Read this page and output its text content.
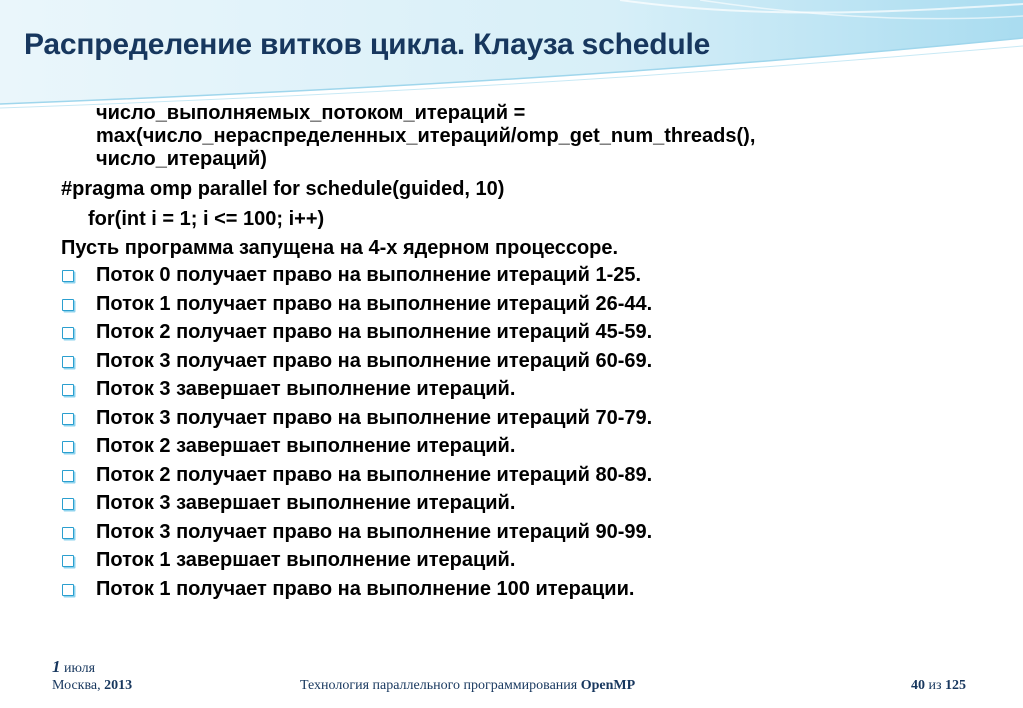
Распределение витков цикла. Клауза schedule
число_выполняемых_потоком_итераций =
max(число_нераспределенных_итераций/omp_get_num_threads(),
число_итераций)
#pragma omp parallel for schedule(guided, 10)
for(int i = 1; i <= 100; i++)
Пусть программа запущена на 4-х ядерном процессоре.
Поток 0 получает право на выполнение итераций 1-25.
Поток 1 получает право на выполнение итераций 26-44.
Поток 2 получает право на выполнение итераций 45-59.
Поток 3 получает право на выполнение итераций 60-69.
Поток 3 завершает выполнение итераций.
Поток 3 получает право на выполнение итераций 70-79.
Поток 2 завершает выполнение итераций.
Поток 2 получает право на выполнение итераций 80-89.
Поток 3 завершает выполнение итераций.
Поток 3 получает право на выполнение итераций 90-99.
Поток 1 завершает выполнение итераций.
Поток 1 получает право на выполнение 100 итерации.
1 июля
Москва, 2013	Технология параллельного программирования OpenMP	40 из 125
